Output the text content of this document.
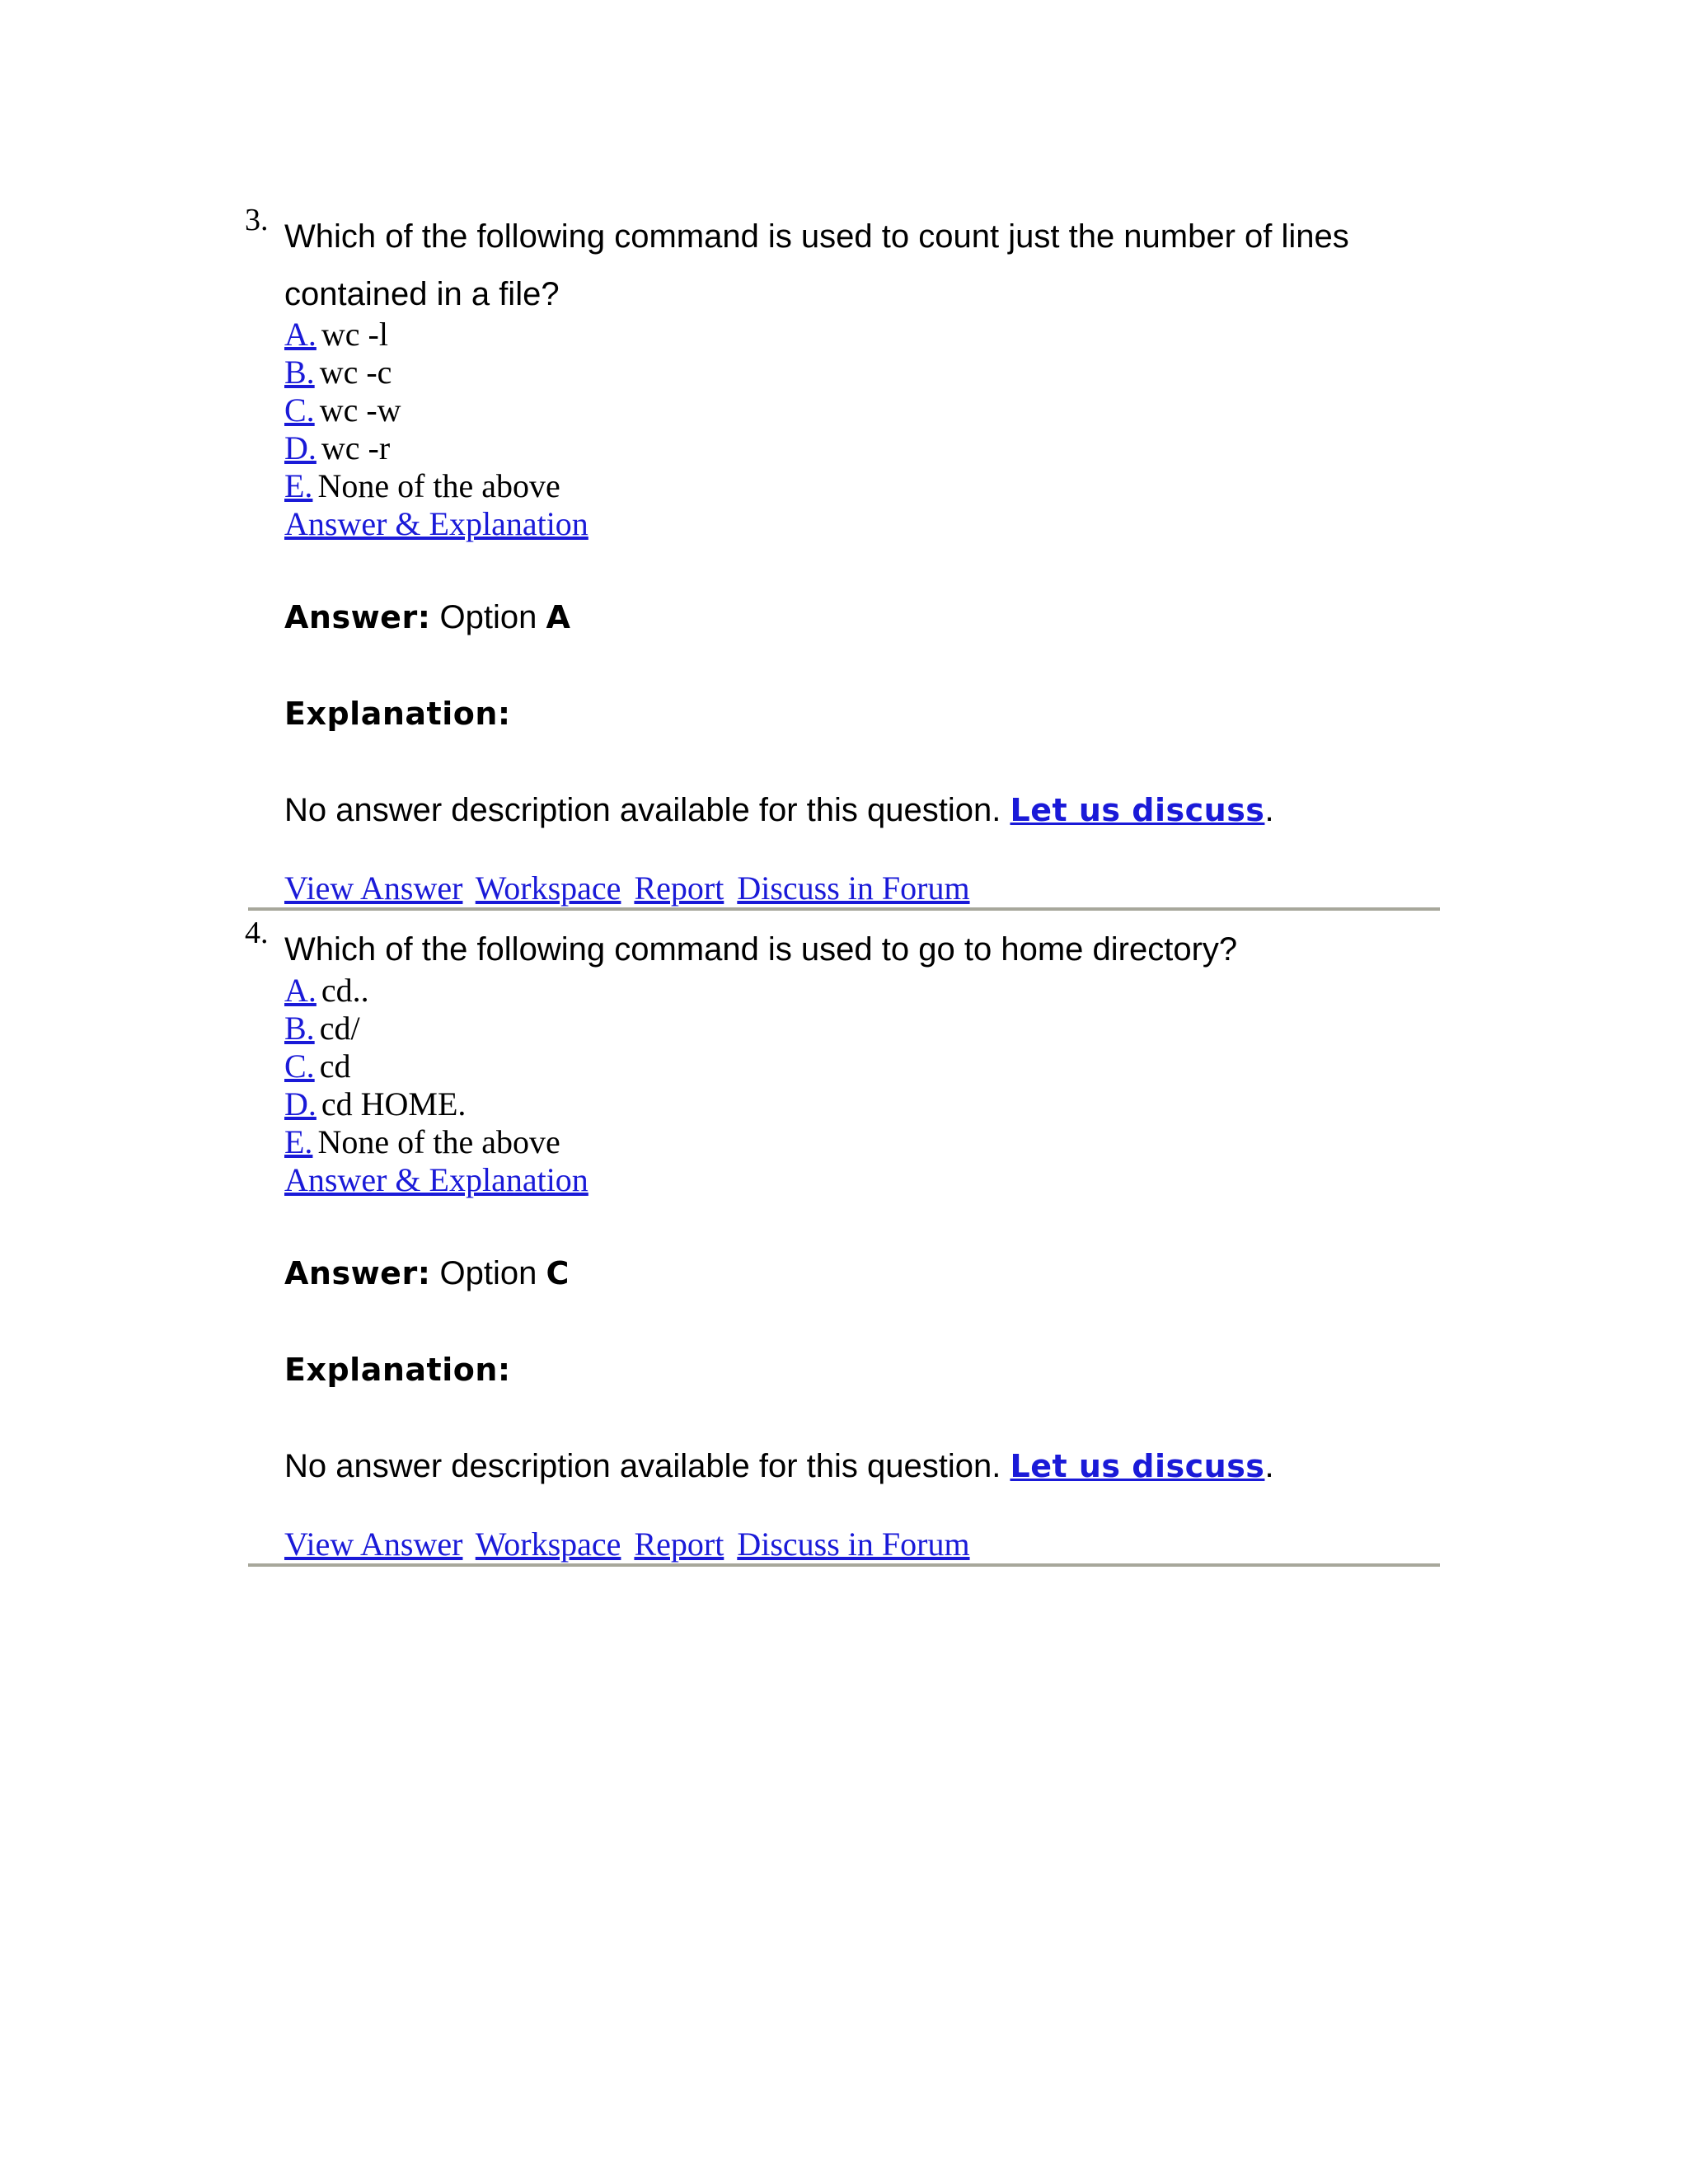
3. Which of the following command is used to count just the number of lines contained in a file?
A. wc -l
B. wc -c
C. wc -w
D. wc -r
E. None of the above
Answer & Explanation
Answer: Option A
Explanation:
No answer description available for this question. Let us discuss.
View Answer Workspace Report Discuss in Forum
4. Which of the following command is used to go to home directory?
A. cd..
B. cd/
C. cd
D. cd HOME.
E. None of the above
Answer & Explanation
Answer: Option C
Explanation:
No answer description available for this question. Let us discuss.
View Answer Workspace Report Discuss in Forum
